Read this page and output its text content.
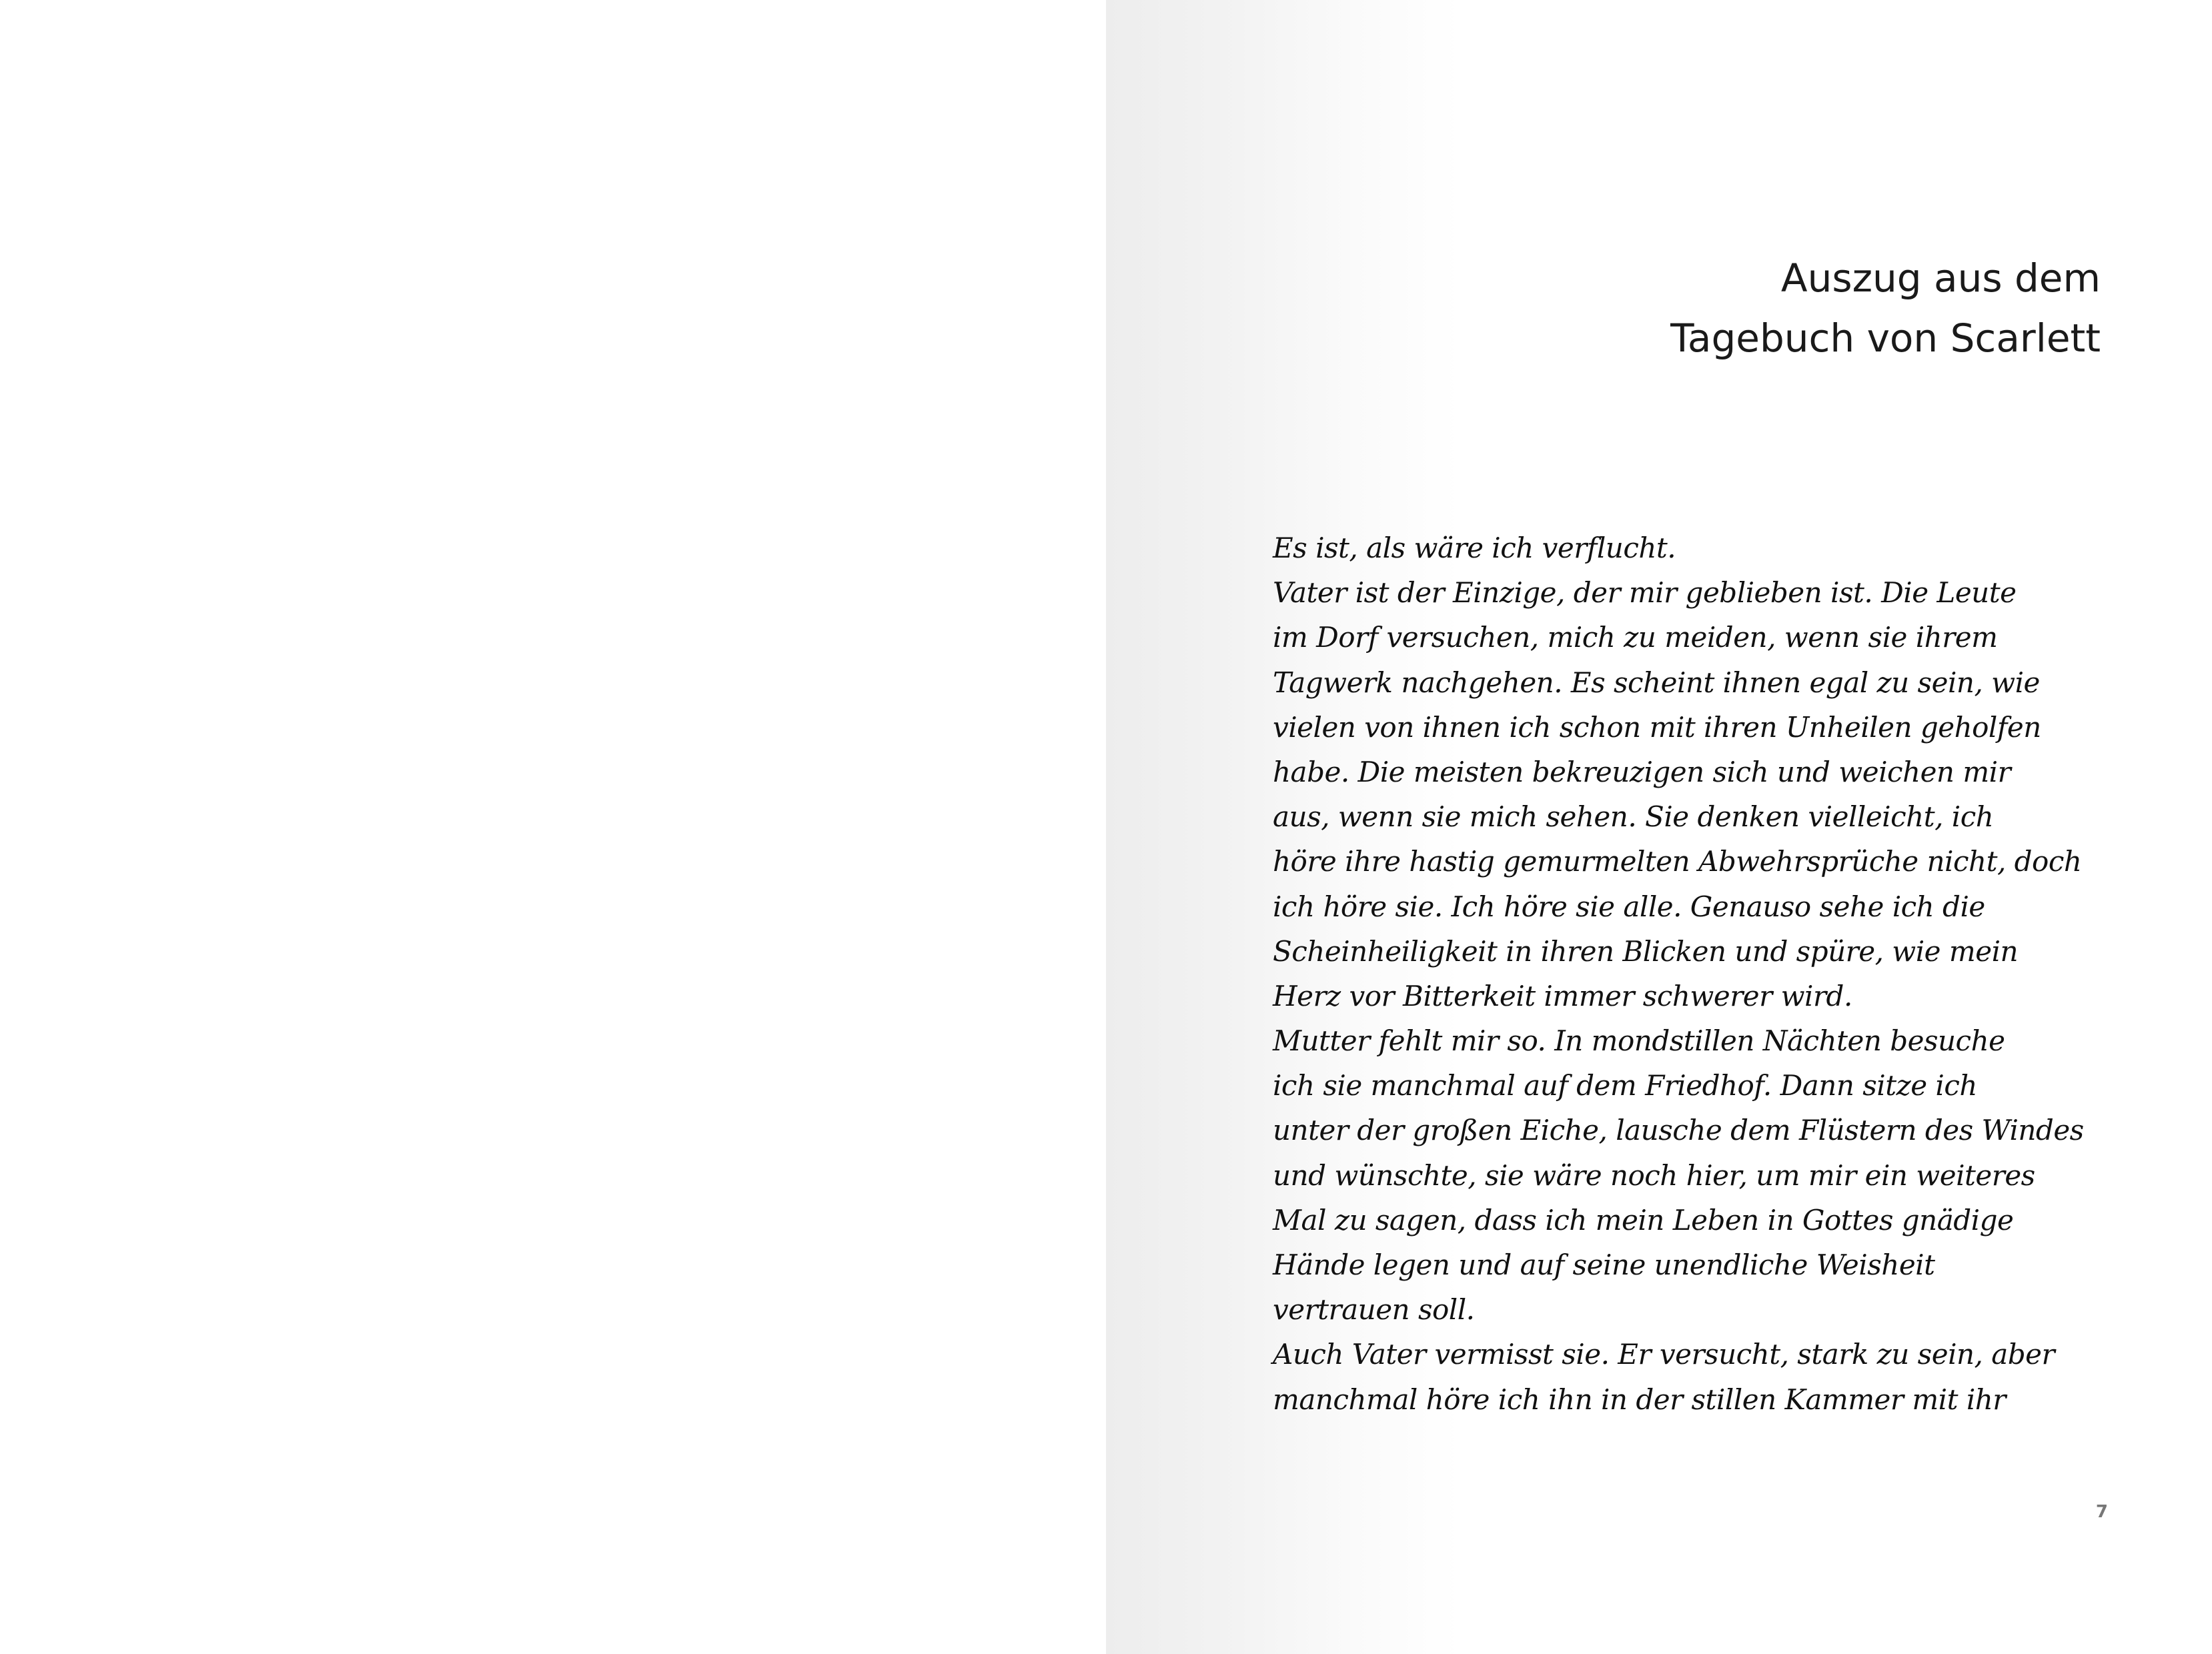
Auszug aus dem
Tagebuch von Scarlett
Es ist, als wäre ich verflucht.
Vater ist der Einzige, der mir geblieben ist. Die Leute
im Dorf versuchen, mich zu meiden, wenn sie ihrem
Tagwerk nachgehen. Es scheint ihnen egal zu sein, wie
vielen von ihnen ich schon mit ihren Unheilen geholfen
habe. Die meisten bekreuzigen sich und weichen mir
aus, wenn sie mich sehen. Sie denken vielleicht, ich
höre ihre hastig gemurmelten Abwehrsprüche nicht, doch
ich höre sie. Ich höre sie alle. Genauso sehe ich die
Scheinheiligkeit in ihren Blicken und spüre, wie mein
Herz vor Bitterkeit immer schwerer wird.
Mutter fehlt mir so. In mondstillen Nächten besuche
ich sie manchmal auf dem Friedhof. Dann sitze ich
unter der großen Eiche, lausche dem Flüstern des Windes
und wünschte, sie wäre noch hier, um mir ein weiteres
Mal zu sagen, dass ich mein Leben in Gottes gnädige
Hände legen und auf seine unendliche Weisheit
vertrauen soll.
Auch Vater vermisst sie. Er versucht, stark zu sein, aber
manchmal höre ich ihn in der stillen Kammer mit ihr
7
